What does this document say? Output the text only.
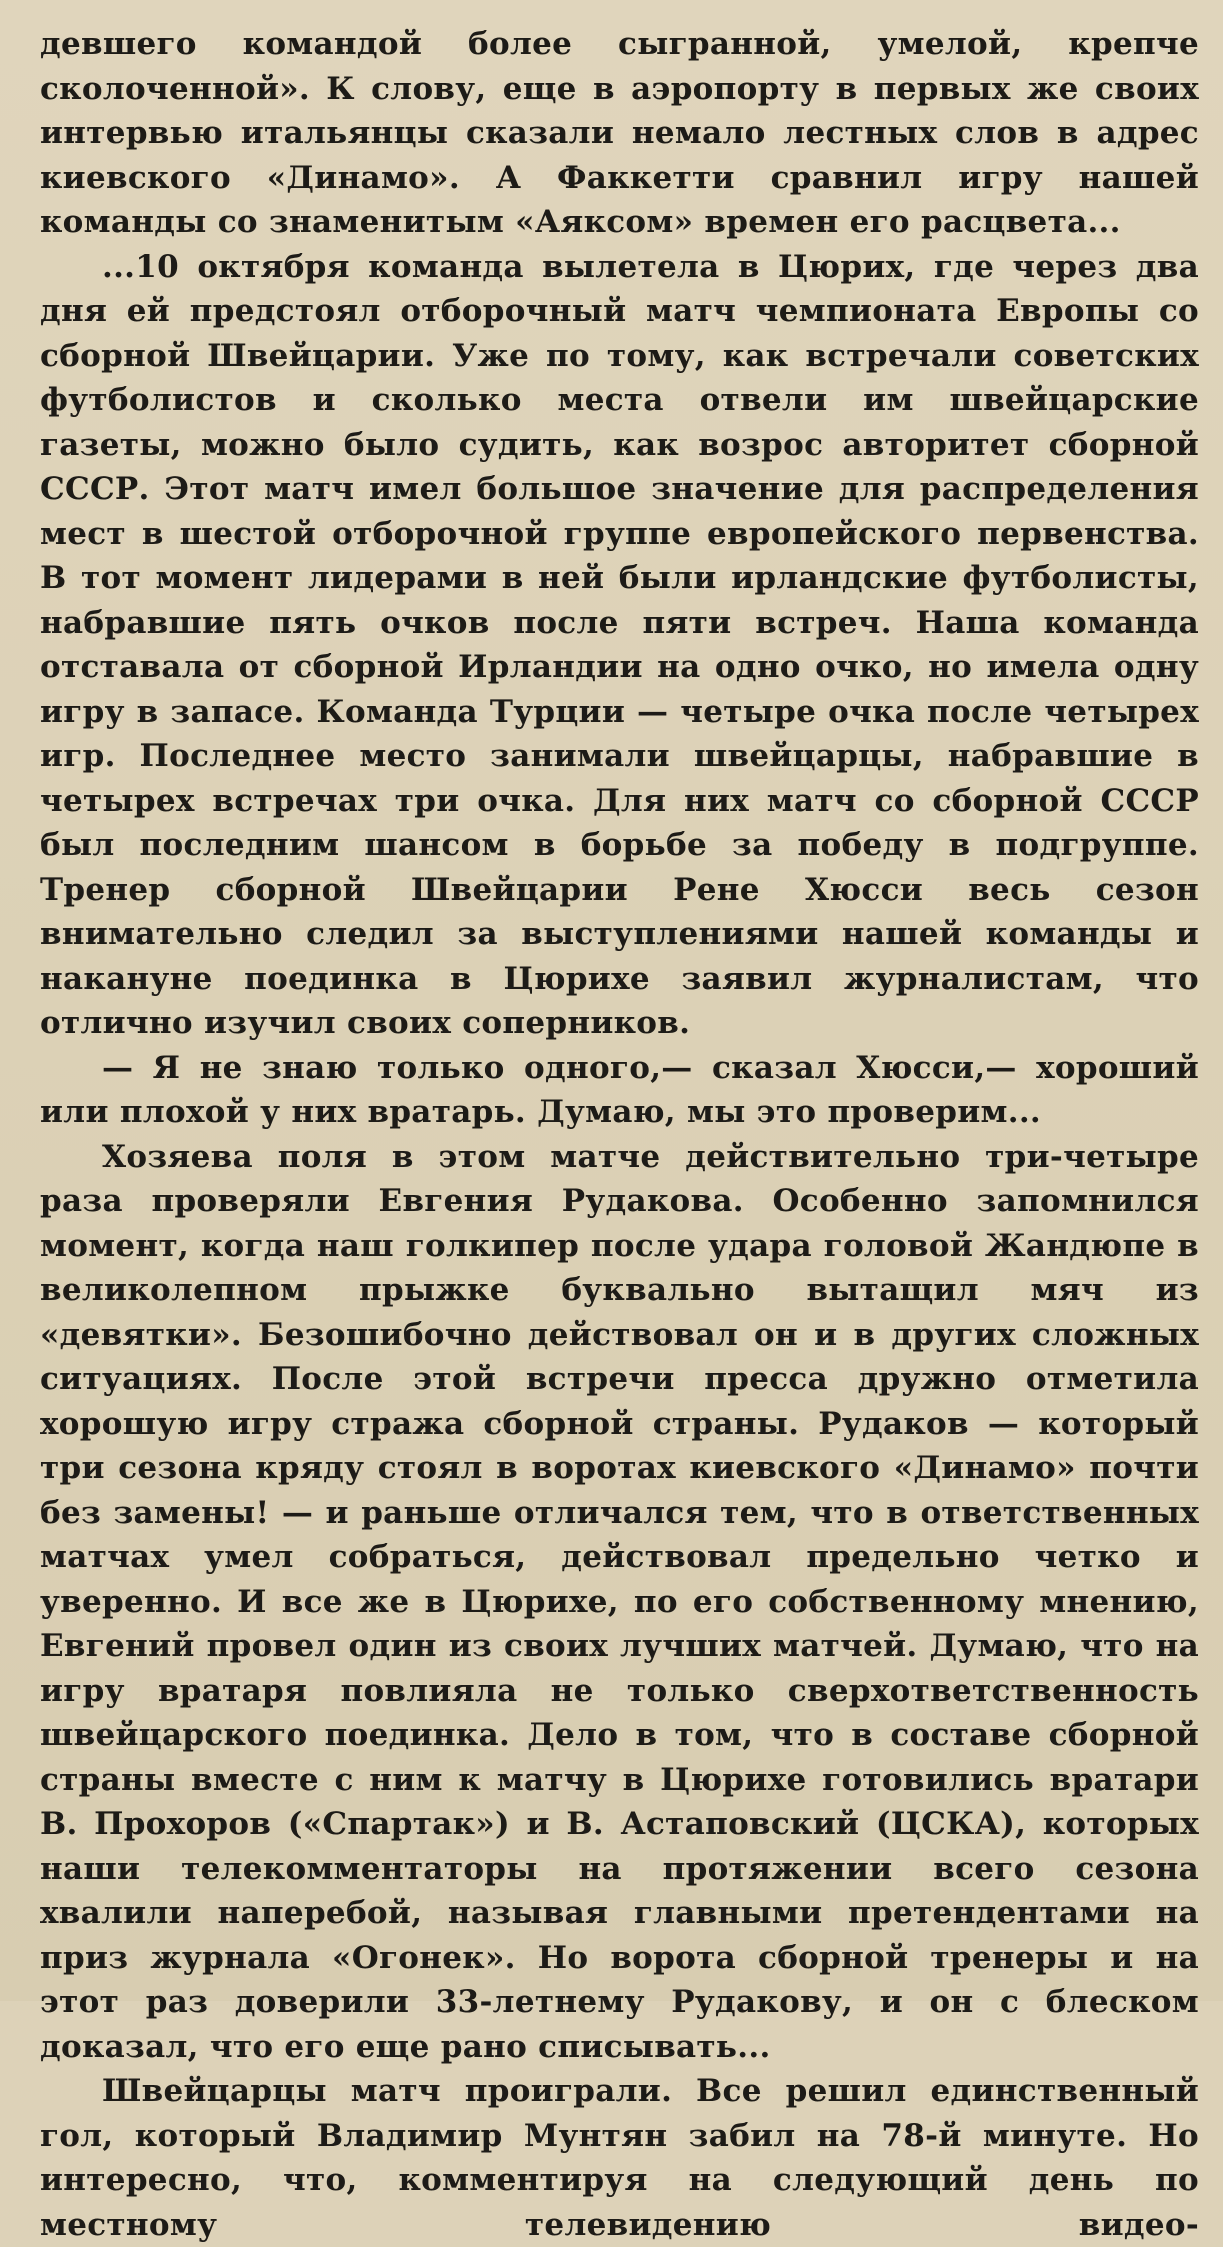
девшего командой более сыгранной, умелой, крепче сколоченной». К слову, еще в аэропорту в первых же своих интервью итальянцы сказали немало лестных слов в адрес киевского «Динамо». А Факкетти сравнил игру нашей команды со знаменитым «Аяксом» времен его расцвета...

...10 октября команда вылетела в Цюрих, где через два дня ей предстоял отборочный матч чемпионата Европы со сборной Швейцарии. Уже по тому, как встречали советских футболистов и сколько места отвели им швейцарские газеты, можно было судить, как возрос авторитет сборной СССР. Этот матч имел большое значение для распределения мест в шестой отборочной группе европейского первенства. В тот момент лидерами в ней были ирландские футболисты, набравшие пять очков после пяти встреч. Наша команда отставала от сборной Ирландии на одно очко, но имела одну игру в запасе. Команда Турции — четыре очка после четырех игр. Последнее место занимали швейцарцы, набравшие в четырех встречах три очка. Для них матч со сборной СССР был последним шансом в борьбе за победу в подгруппе. Тренер сборной Швейцарии Рене Хюсси весь сезон внимательно следил за выступлениями нашей команды и накануне поединка в Цюрихе заявил журналистам, что отлично изучил своих соперников.

— Я не знаю только одного,— сказал Хюсси,— хороший или плохой у них вратарь. Думаю, мы это проверим...

Хозяева поля в этом матче действительно три-четыре раза проверяли Евгения Рудакова. Особенно запомнился момент, когда наш голкипер после удара головой Жандюпе в великолепном прыжке буквально вытащил мяч из «девятки». Безошибочно действовал он и в других сложных ситуациях. После этой встречи пресса дружно отметила хорошую игру стража сборной страны. Рудаков — который три сезона кряду стоял в воротах киевского «Динамо» почти без замены! — и раньше отличался тем, что в ответственных матчах умел собраться, действовал предельно четко и уверенно. И все же в Цюрихе, по его собственному мнению, Евгений провел один из своих лучших матчей. Думаю, что на игру вратаря повлияла не только сверхответственность швейцарского поединка. Дело в том, что в составе сборной страны вместе с ним к матчу в Цюрихе готовились вратари В. Прохоров («Спартак») и В. Астаповский (ЦСКА), которых наши телекомментаторы на протяжении всего сезона хвалили наперебой, называя главными претендентами на приз журнала «Огонек». Но ворота сборной тренеры и на этот раз доверили 33-летнему Рудакову, и он с блеском доказал, что его еще рано списывать...

Швейцарцы матч проиграли. Все решил единственный гол, который Владимир Мунтян забил на 78-й минуте. Но интересно, что, комментируя на следующий день по местному телевидению видео-
